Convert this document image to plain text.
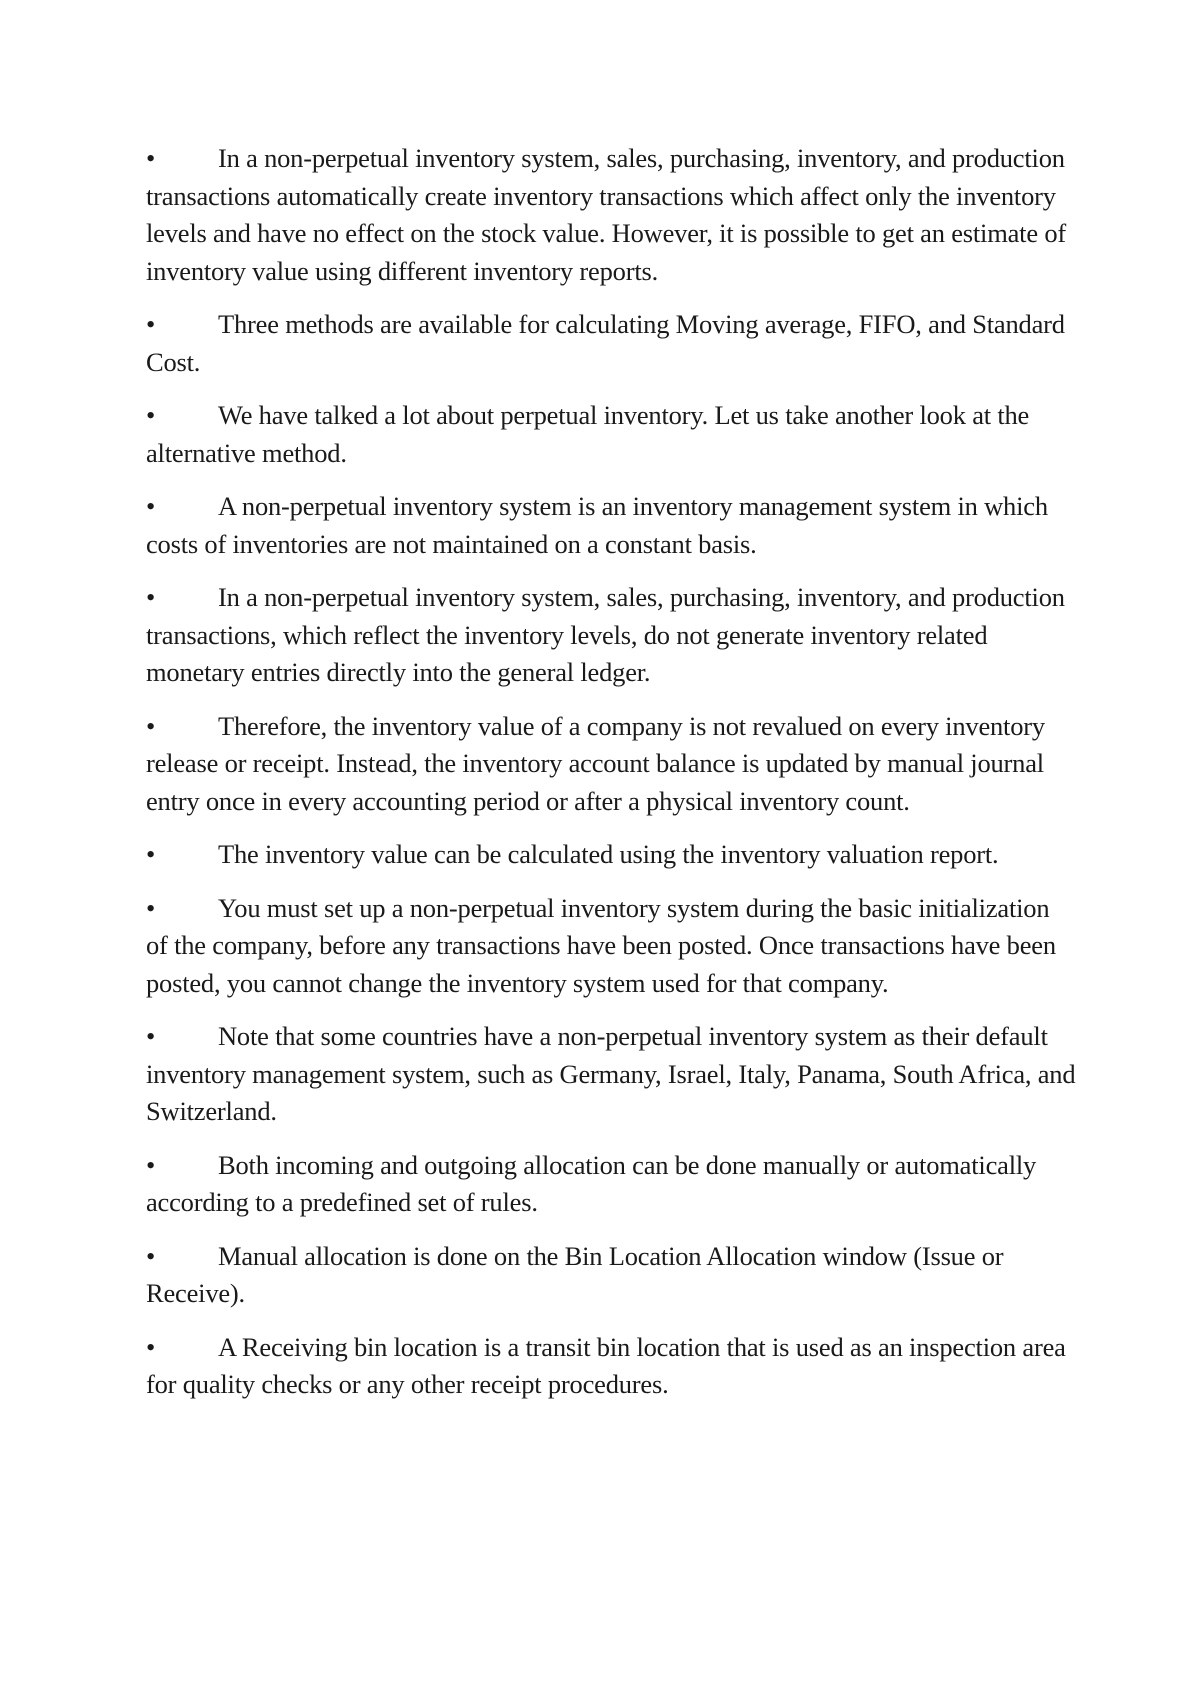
• In a non-perpetual inventory system, sales, purchasing, inventory, and production transactions automatically create inventory transactions which affect only the inventory levels and have no effect on the stock value. However, it is possible to get an estimate of inventory value using different inventory reports.

• Three methods are available for calculating Moving average, FIFO, and Standard Cost.

• We have talked a lot about perpetual inventory. Let us take another look at the alternative method.

• A non-perpetual inventory system is an inventory management system in which costs of inventories are not maintained on a constant basis.

• In a non-perpetual inventory system, sales, purchasing, inventory, and production transactions, which reflect the inventory levels, do not generate inventory related monetary entries directly into the general ledger.

• Therefore, the inventory value of a company is not revalued on every inventory release or receipt. Instead, the inventory account balance is updated by manual journal entry once in every accounting period or after a physical inventory count.

• The inventory value can be calculated using the inventory valuation report.

• You must set up a non-perpetual inventory system during the basic initialization of the company, before any transactions have been posted. Once transactions have been posted, you cannot change the inventory system used for that company.

• Note that some countries have a non-perpetual inventory system as their default inventory management system, such as Germany, Israel, Italy, Panama, South Africa, and Switzerland.

• Both incoming and outgoing allocation can be done manually or automatically according to a predefined set of rules.

• Manual allocation is done on the Bin Location Allocation window (Issue or Receive).

• A Receiving bin location is a transit bin location that is used as an inspection area for quality checks or any other receipt procedures.
